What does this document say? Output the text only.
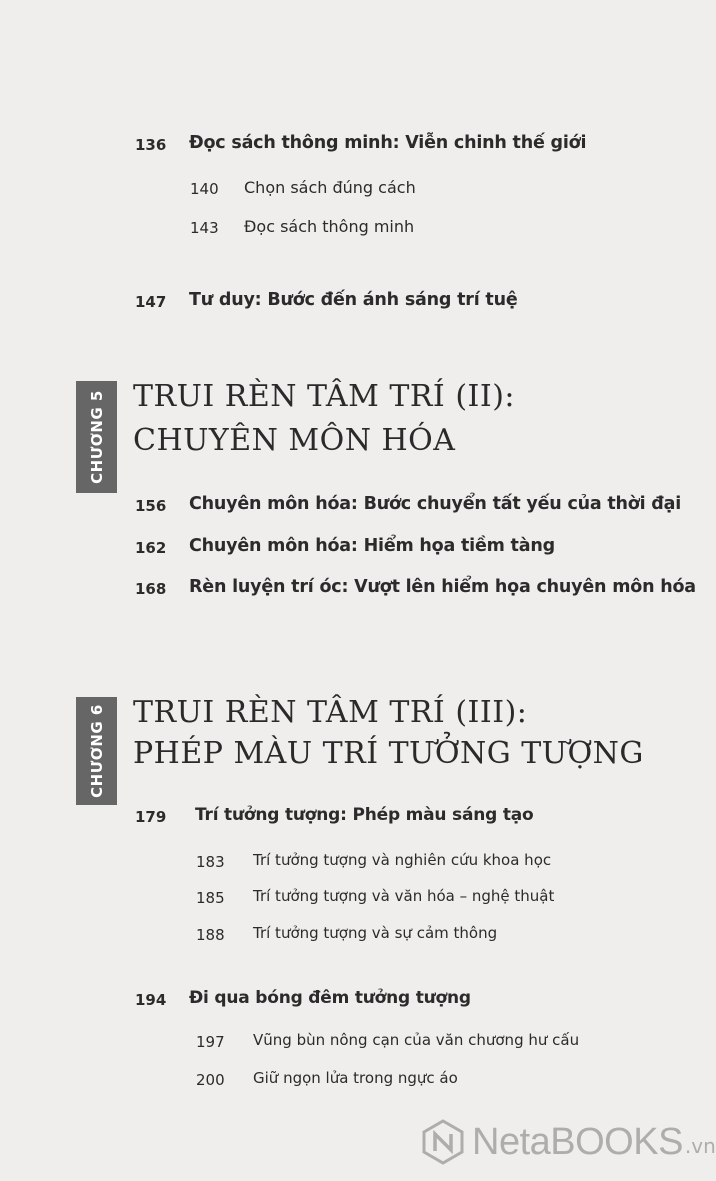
136 Đọc sách thông minh: Viễn chinh thế giới
140 Chọn sách đúng cách
143 Đọc sách thông minh
147 Tư duy: Bước đến ánh sáng trí tuệ
CHƯƠNG 5 TRUI RÈN TÂM TRÍ (II):
CHUYÊN MÔN HÓA
156 Chuyên môn hóa: Bước chuyển tất yếu của thời đại
162 Chuyên môn hóa: Hiểm họa tiềm tàng
168 Rèn luyện trí óc: Vượt lên hiểm họa chuyên môn hóa
CHƯƠNG 6 TRUI RÈN TÂM TRÍ (III):
PHÉP MÀU TRÍ TƯỞNG TƯỢNG
179 Trí tưởng tượng: Phép màu sáng tạo
183 Trí tưởng tượng và nghiên cứu khoa học
185 Trí tưởng tượng và văn hóa – nghệ thuật
188 Trí tưởng tượng và sự cảm thông
194 Đi qua bóng đêm tưởng tượng
197 Vũng bùn nông cạn của văn chương hư cấu
200 Giữ ngọn lửa trong ngực áo
NetaBOOKS .vn
